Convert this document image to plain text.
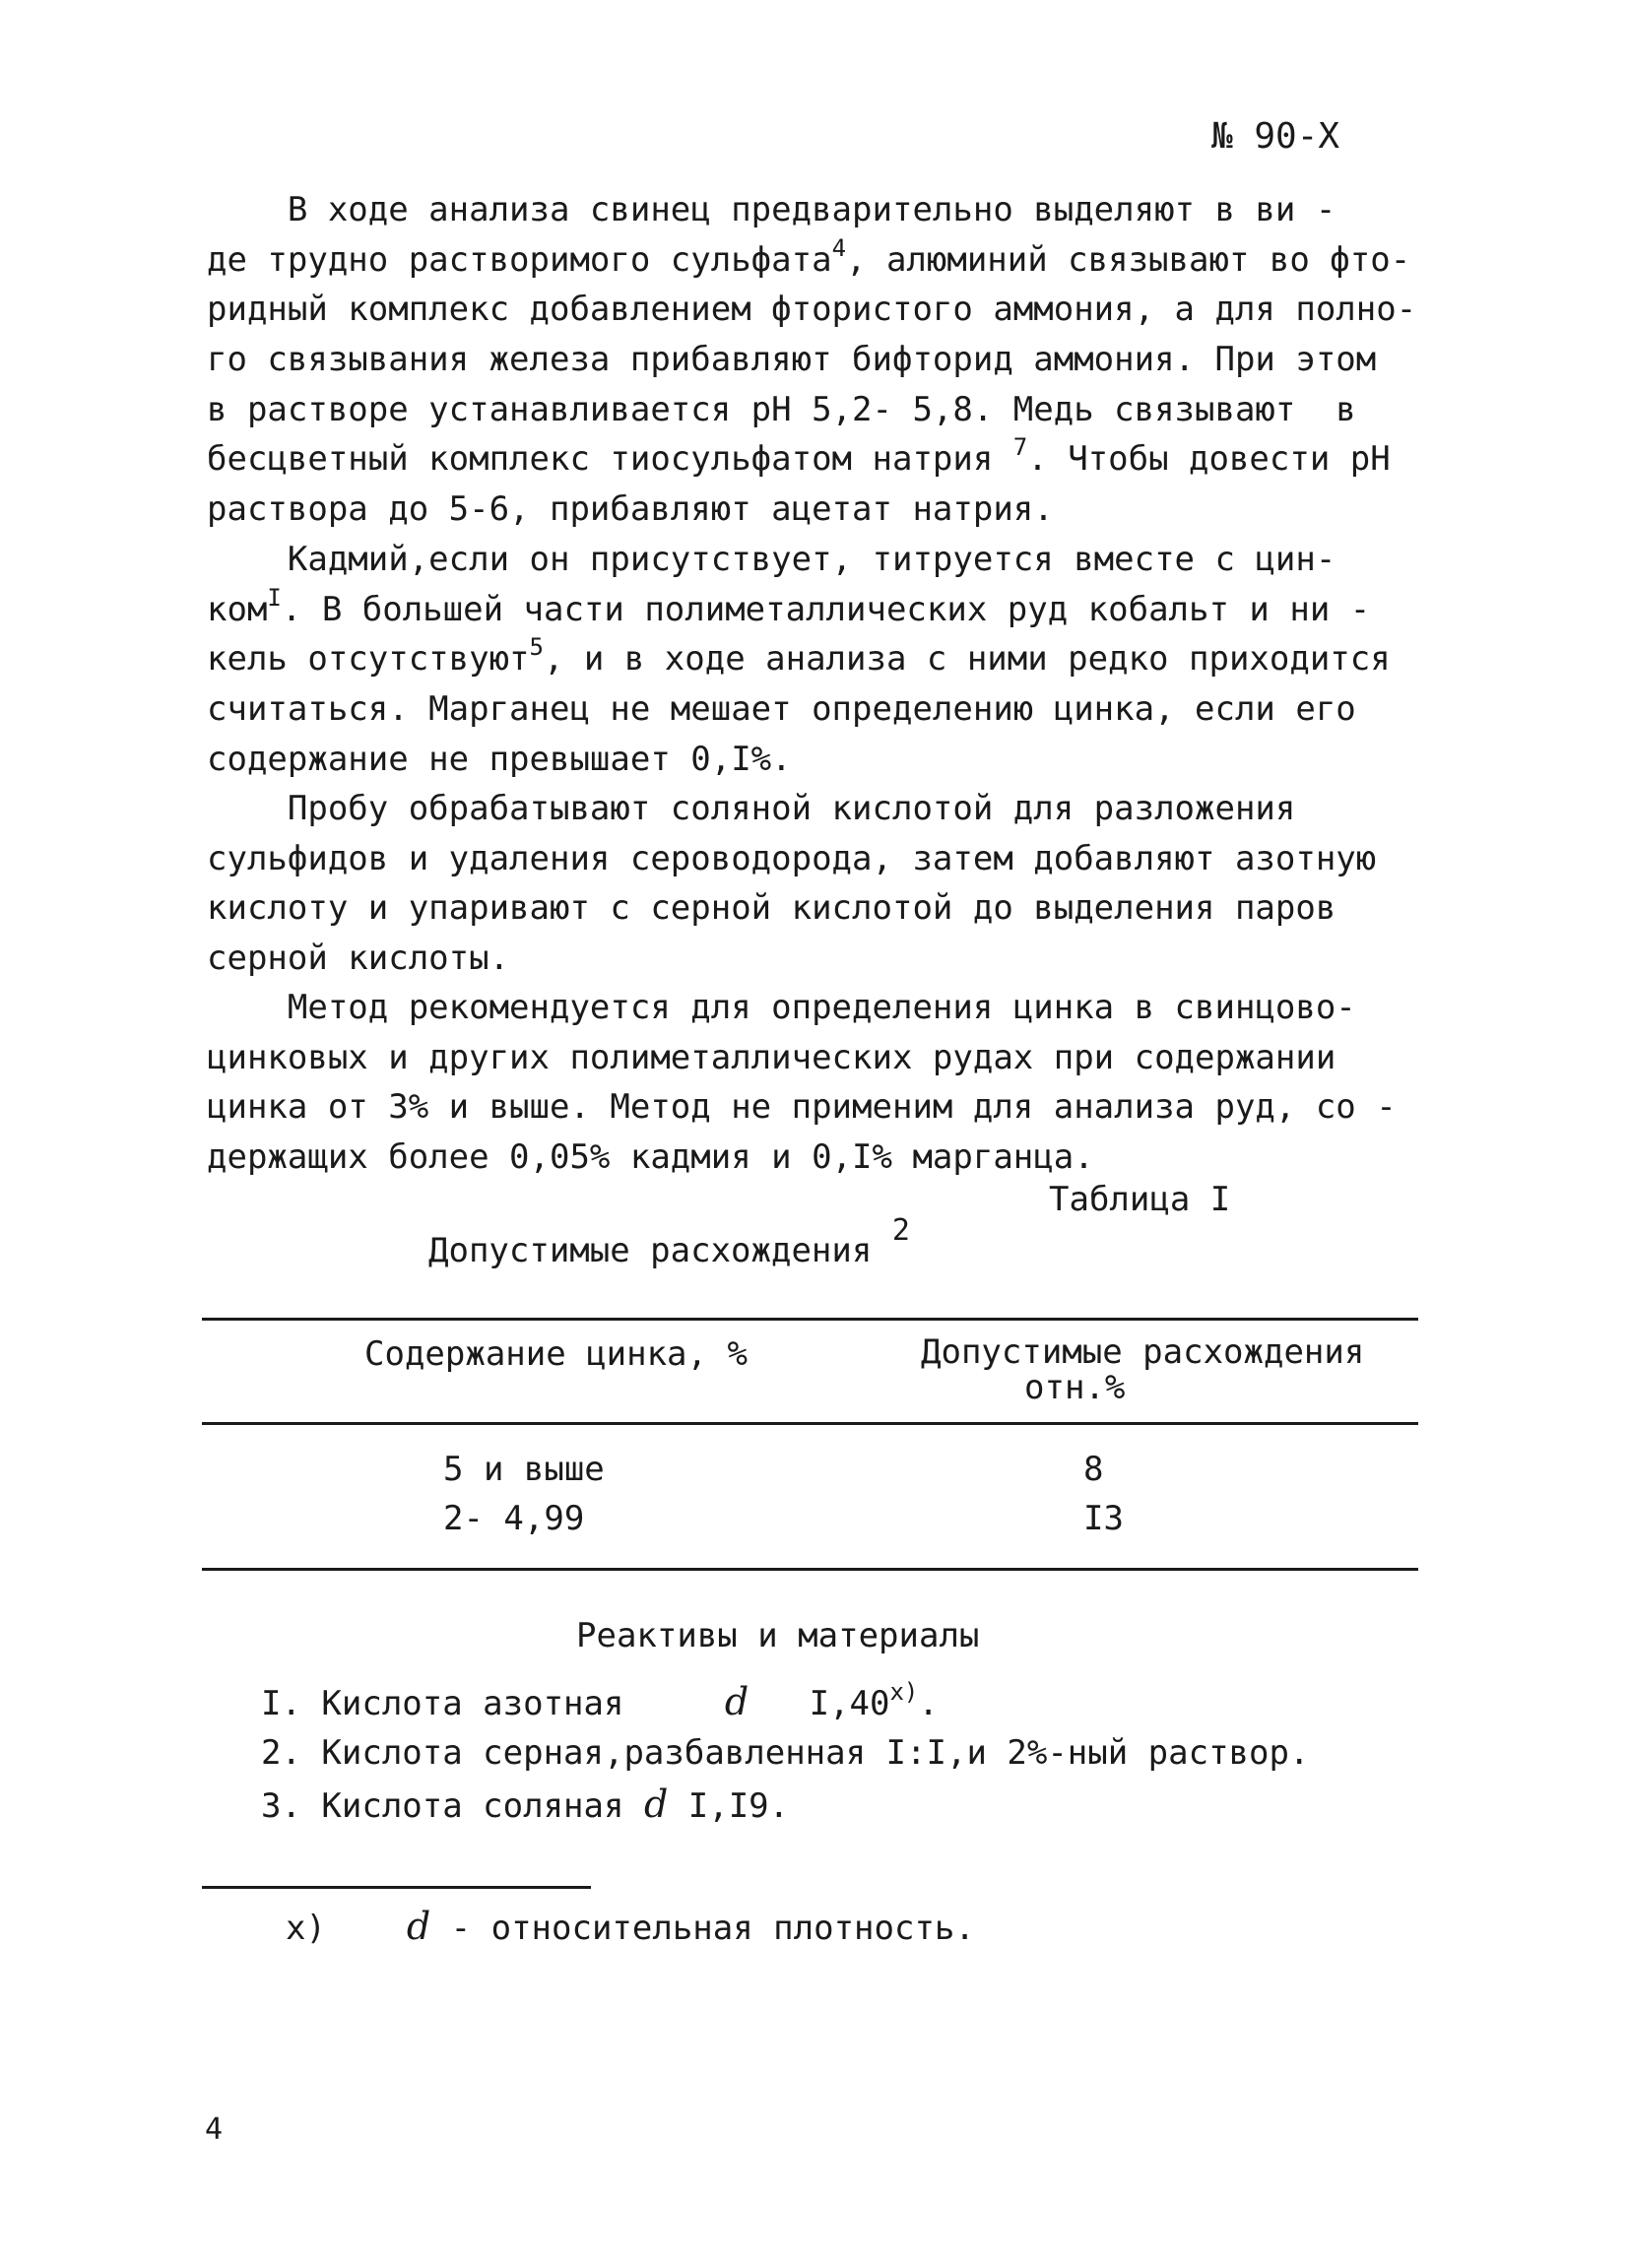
№ 90-X
В ходе анализа свинец предварительно выделяют в ви -
де трудно растворимого сульфата$^4$, алюминий связывают во фто-
ридный комплекс добавлением фтористого аммония, а для полно-
го связывания железа прибавляют бифторид аммония. При этом
в растворе устанавливается рН 5,2- 5,8. Медь связывают  в
бесцветный комплекс тиосульфатом натрия $^7$. Чтобы довести рН
раствора до 5-6, прибавляют ацетат натрия.
Кадмий,если он присутствует, титруется вместе с цин-
ком$^I$. В большей части полиметаллических руд кобальт и ни -
кель отсутствуют$^5$, и в ходе анализа с ними редко приходится
считаться. Марганец не мешает определению цинка, если его
содержание не превышает 0,I%.
Пробу обрабатывают соляной кислотой для разложения
сульфидов и удаления сероводорода, затем добавляют азотную
кислоту и упаривают с серной кислотой до выделения паров
серной кислоты.
Метод рекомендуется для определения цинка в свинцово-
цинковых и других полиметаллических рудах при содержании
цинка от 3% и выше. Метод не применим для анализа руд, со -
держащих более 0,05% кадмия и 0,I% марганца.
Таблица I
Допустимые расхождения $^2$
Содержание цинка, %	Допустимые расхождения
отн.%
5 и выше	8
2- 4,99	I3
Реактивы и материалы
I. Кислота азотная	d I,40$^{x)}$.
2. Кислота серная,разбавленная I:I,и 2%-ный раствор.
3. Кислота соляная d I,I9.
x) d - относительная плотность.
4
